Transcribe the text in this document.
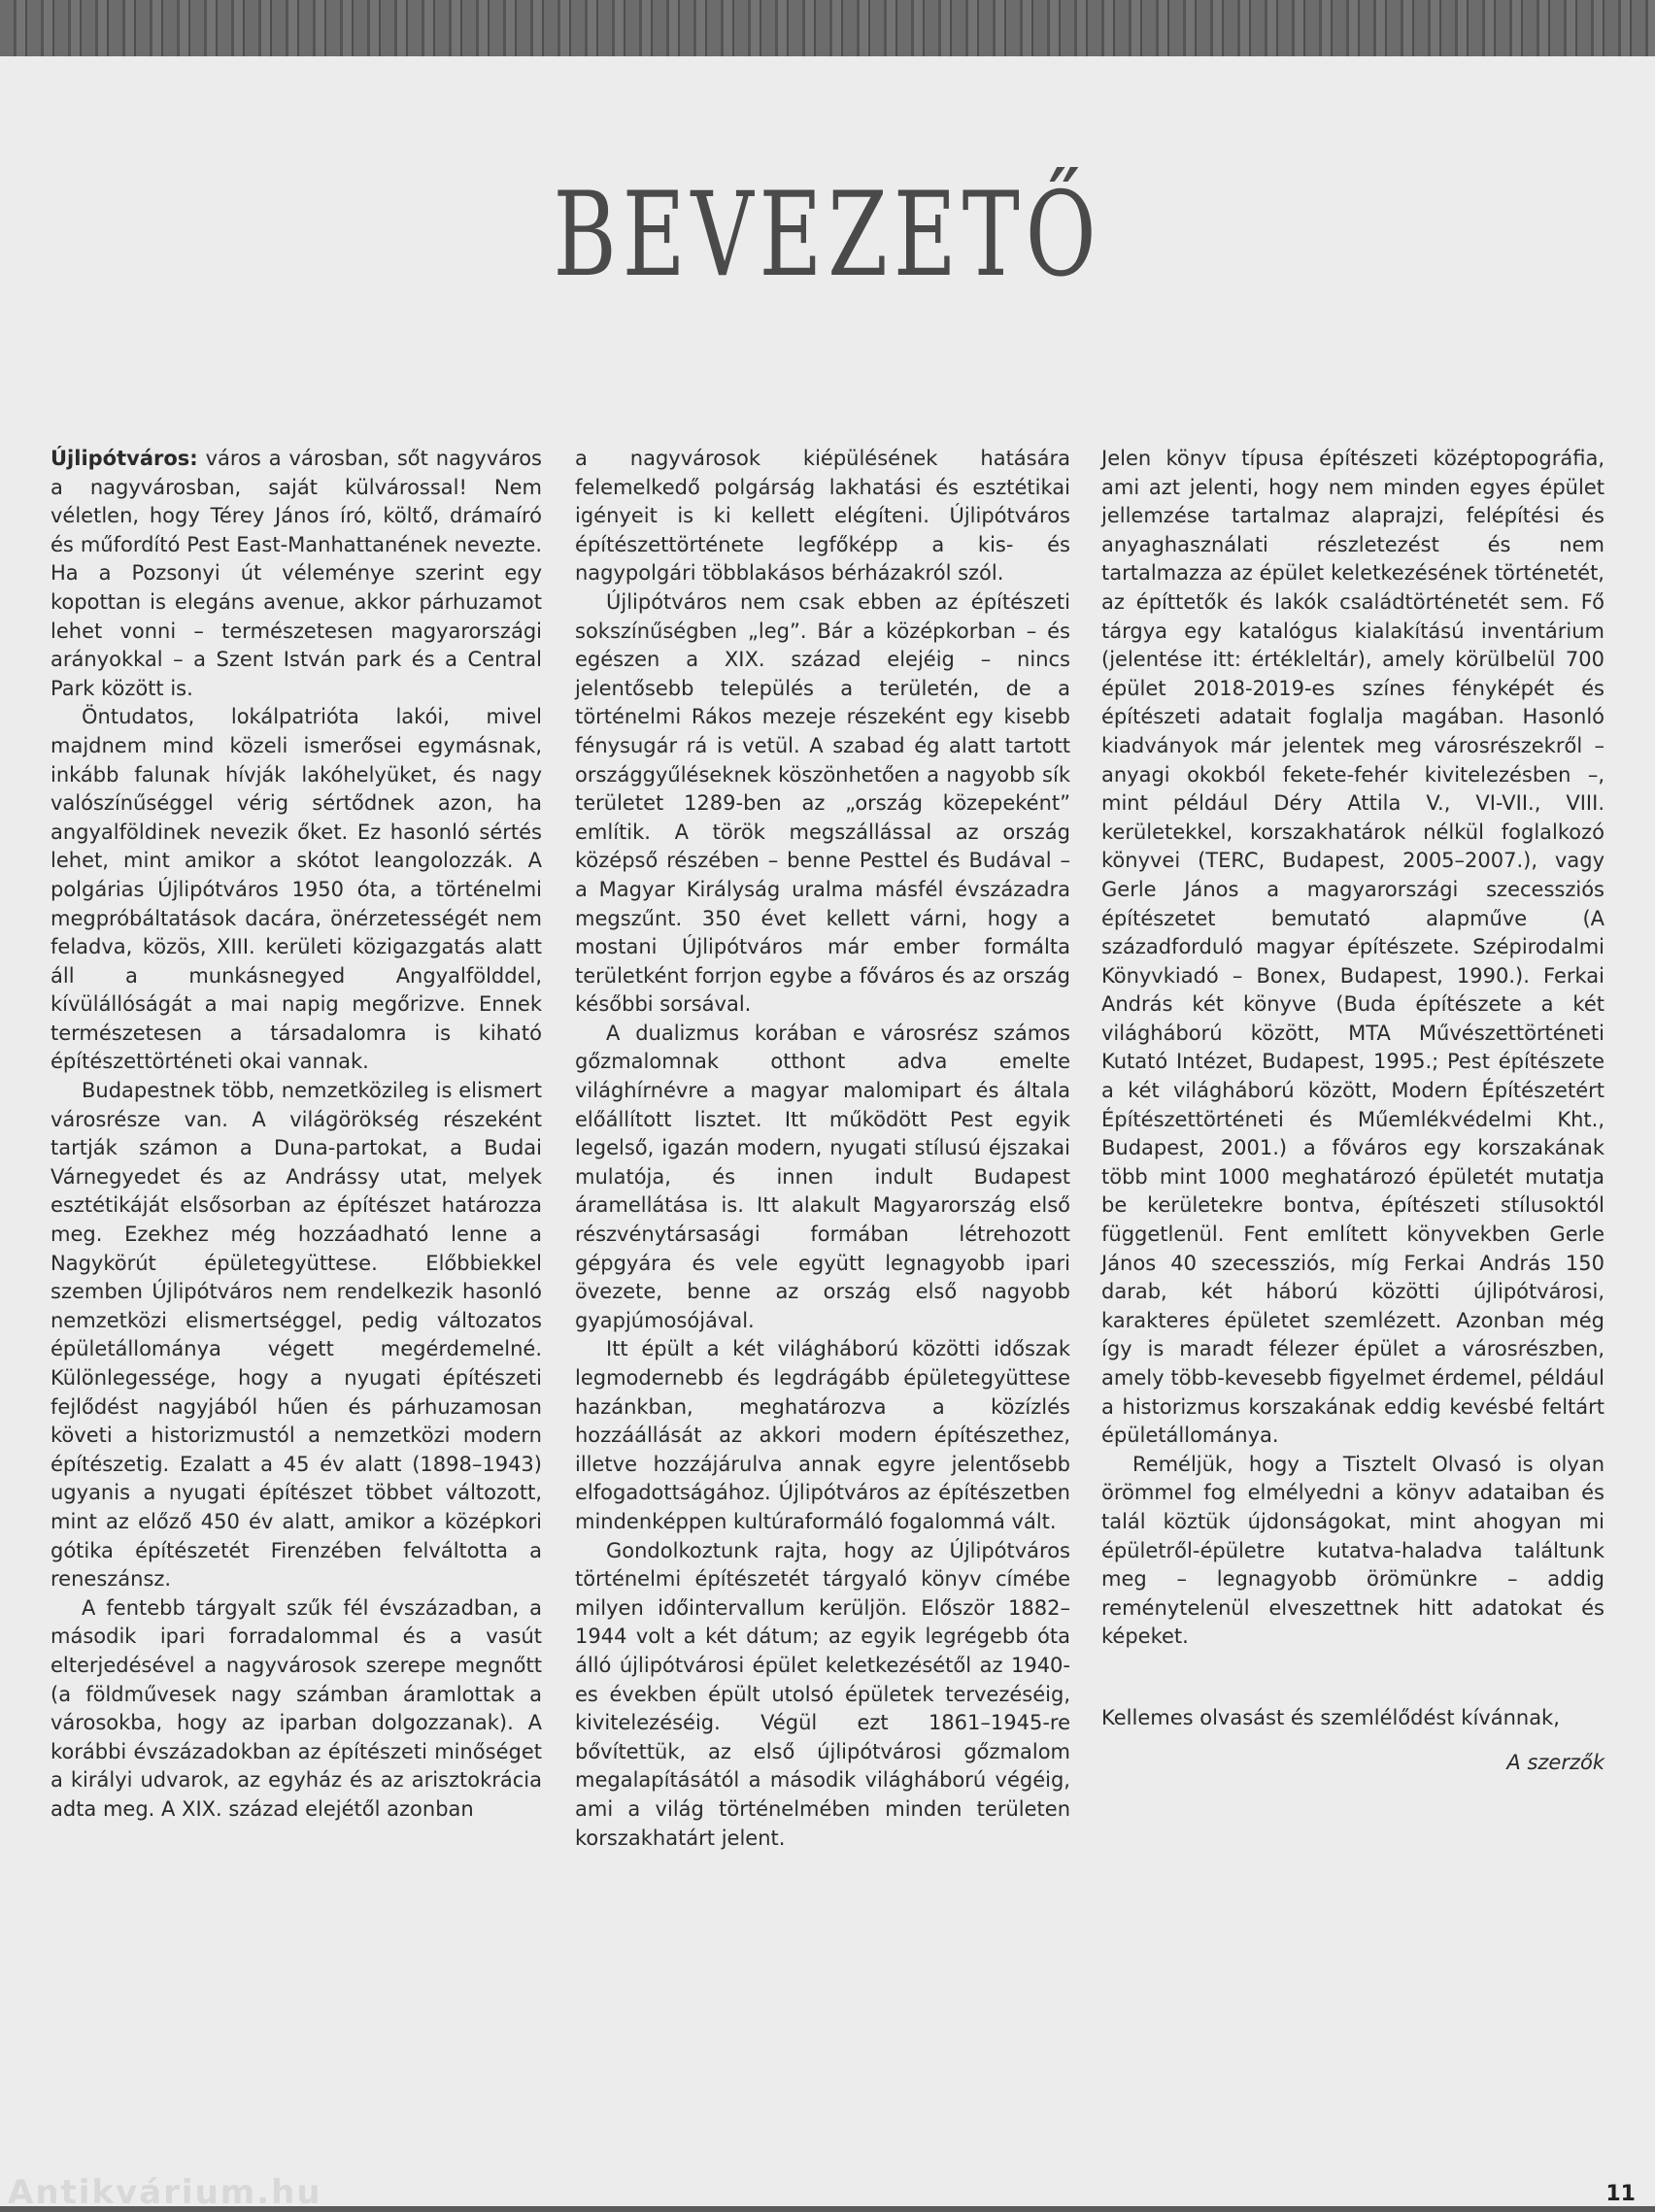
BEVEZETŐ

Újlipótváros: város a városban, sőt nagyváros a nagyvárosban, saját külvárossal! Nem véletlen, hogy Térey János író, költő, drámaíró és műfordító Pest East-Manhattanének nevezte. Ha a Pozsonyi út véleménye szerint egy kopottan is elegáns avenue, akkor párhuzamot lehet vonni – természetesen magyarországi arányokkal – a Szent István park és a Central Park között is.

Öntudatos, lokálpatrióta lakói, mivel majdnem mind közeli ismerősei egymásnak, inkább falunak hívják lakóhelyüket, és nagy valószínűséggel vérig sértődnek azon, ha angyalföldinek nevezik őket. Ez hasonló sértés lehet, mint amikor a skótot leangolozzák. A polgárias Újlipótváros 1950 óta, a történelmi megpróbáltatások dacára, önérzetességét nem feladva, közös, XIII. kerületi közigazgatás alatt áll a munkásnegyed Angyalfölddel, kívülállóságát a mai napig megőrizve. Ennek természetesen a társadalomra is kiható építészettörténeti okai vannak.

Budapestnek több, nemzetközileg is elismert városrésze van. A világörökség részeként tartják számon a Duna-partokat, a Budai Várnegyedet és az Andrássy utat, melyek esztétikáját elsősorban az építészet határozza meg. Ezekhez még hozzáadható lenne a Nagykörút épületegyüttese. Előbbiekkel szemben Újlipótváros nem rendelkezik hasonló nemzetközi elismertséggel, pedig változatos épületállománya végett megérdemelné. Különlegessége, hogy a nyugati építészeti fejlődést nagyjából hűen és párhuzamosan követi a historizmustól a nemzetközi modern építészetig. Ezalatt a 45 év alatt (1898–1943) ugyanis a nyugati építészet többet változott, mint az előző 450 év alatt, amikor a középkori gótika építészetét Firenzében felváltotta a reneszánsz.

A fentebb tárgyalt szűk fél évszázadban, a második ipari forradalommal és a vasút elterjedésével a nagyvárosok szerepe megnőtt (a földművesek nagy számban áramlottak a városokba, hogy az iparban dolgozzanak). A korábbi évszázadokban az építészeti minőséget a királyi udvarok, az egyház és az arisztokrácia adta meg. A XIX. század elejétől azonban

a nagyvárosok kiépülésének hatására felemelkedő polgárság lakhatási és esztétikai igényeit is ki kellett elégíteni. Újlipótváros építészettörténete legfőképp a kis- és nagypolgári többlakásos bérházakról szól.

Újlipótváros nem csak ebben az építészeti sokszínűségben „leg”. Bár a középkorban – és egészen a XIX. század elejéig – nincs jelentősebb település a területén, de a történelmi Rákos mezeje részeként egy kisebb fénysugár rá is vetül. A szabad ég alatt tartott országgyűléseknek köszönhetően a nagyobb sík területet 1289-ben az „ország közepeként” említik. A török megszállással az ország középső részében – benne Pesttel és Budával – a Magyar Királyság uralma másfél évszázadra megszűnt. 350 évet kellett várni, hogy a mostani Újlipótváros már ember formálta területként forrjon egybe a főváros és az ország későbbi sorsával.

A dualizmus korában e városrész számos gőzmalomnak otthont adva emelte világhírnévre a magyar malomipart és általa előállított lisztet. Itt működött Pest egyik legelső, igazán modern, nyugati stílusú éjszakai mulatója, és innen indult Budapest áramellátása is. Itt alakult Magyarország első részvénytársasági formában létrehozott gépgyára és vele együtt legnagyobb ipari övezete, benne az ország első nagyobb gyapjúmosójával.

Itt épült a két világháború közötti időszak legmodernebb és legdrágább épületegyüttese hazánkban, meghatározva a közízlés hozzáállását az akkori modern építészethez, illetve hozzájárulva annak egyre jelentősebb elfogadottságához. Újlipótváros az építészetben mindenképpen kultúraformáló fogalommá vált.

Gondolkoztunk rajta, hogy az Újlipótváros történelmi építészetét tárgyaló könyv címébe milyen időintervallum kerüljön. Először 1882–1944 volt a két dátum; az egyik legrégebb óta álló újlipótvárosi épület keletkezésétől az 1940-es években épült utolsó épületek tervezéséig, kivitelezéséig. Végül ezt 1861–1945-re bővítettük, az első újlipótvárosi gőzmalom megalapításától a második világháború végéig, ami a világ történelmében minden területen korszakhatárt jelent.

Jelen könyv típusa építészeti középtopográfia, ami azt jelenti, hogy nem minden egyes épület jellemzése tartalmaz alaprajzi, felépítési és anyaghasználati részletezést és nem tartalmazza az épület keletkezésének történetét, az építtetők és lakók családtörténetét sem. Fő tárgya egy katalógus kialakítású inventárium (jelentése itt: értékleltár), amely körülbelül 700 épület 2018-2019-es színes fényképét és építészeti adatait foglalja magában. Hasonló kiadványok már jelentek meg városrészekről – anyagi okokból fekete-fehér kivitelezésben –, mint például Déry Attila V., VI-VII., VIII. kerületekkel, korszakhatárok nélkül foglalkozó könyvei (TERC, Budapest, 2005–2007.), vagy Gerle János a magyarországi szecessziós építészetet bemutató alapműve (A századforduló magyar építészete. Szépirodalmi Könyvkiadó – Bonex, Budapest, 1990.). Ferkai András két könyve (Buda építészete a két világháború között, MTA Művészettörténeti Kutató Intézet, Budapest, 1995.; Pest építészete a két világháború között, Modern Építészetért Építészettörténeti és Műemlékvédelmi Kht., Budapest, 2001.) a főváros egy korszakának több mint 1000 meghatározó épületét mutatja be kerületekre bontva, építészeti stílusoktól függetlenül. Fent említett könyvekben Gerle János 40 szecessziós, míg Ferkai András 150 darab, két háború közötti újlipótvárosi, karakteres épületet szemlézett. Azonban még így is maradt félezer épület a városrészben, amely több-kevesebb figyelmet érdemel, például a historizmus korszakának eddig kevésbé feltárt épületállománya.

Reméljük, hogy a Tisztelt Olvasó is olyan örömmel fog elmélyedni a könyv adataiban és talál köztük újdonságokat, mint ahogyan mi épületről-épületre kutatva-haladva találtunk meg – legnagyobb örömünkre – addig reménytelenül elveszettnek hitt adatokat és képeket.

Kellemes olvasást és szemlélődést kívánnak,

A szerzők

11
Antikvárium.hu
